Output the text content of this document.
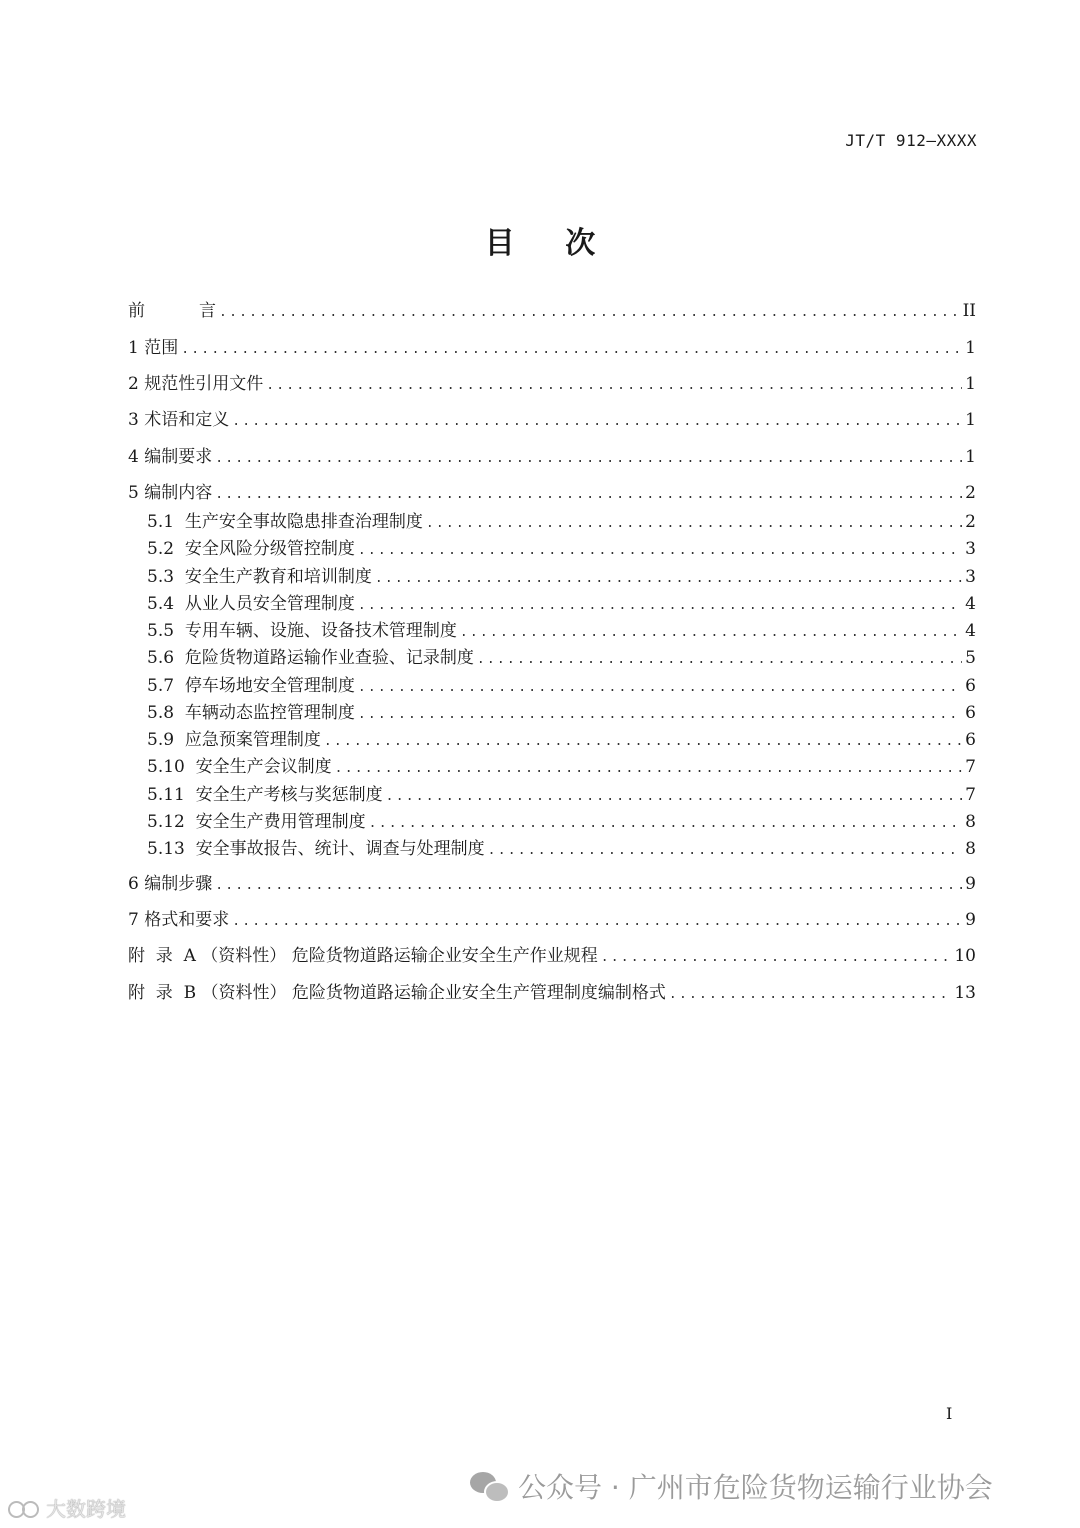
JT/T 912—XXXX
目 次
前          言 .....	II
1 范围 .....	1
2 规范性引用文件 .....	1
3 术语和定义 .....	1
4 编制要求 .....	1
5 编制内容 .....	2
5.1  生产安全事故隐患排查治理制度 .....	2
5.2  安全风险分级管控制度 .....	3
5.3  安全生产教育和培训制度 .....	3
5.4  从业人员安全管理制度 .....	4
5.5  专用车辆、设施、设备技术管理制度 .....	4
5.6  危险货物道路运输作业查验、记录制度 .....	5
5.7  停车场地安全管理制度 .....	6
5.8  车辆动态监控管理制度 .....	6
5.9  应急预案管理制度 .....	6
5.10  安全生产会议制度 .....	7
5.11  安全生产考核与奖惩制度 .....	7
5.12  安全生产费用管理制度 .....	8
5.13  安全事故报告、统计、调查与处理制度 .....	8
6 编制步骤 .....	9
7 格式和要求 .....	9
附  录  A （资料性） 危险货物道路运输企业安全生产作业规程 .....	10
附  录  B （资料性） 危险货物道路运输企业安全生产管理制度编制格式 .....	13
I
公众号 · 广州市危险货物运输行业协会
大数跨境
